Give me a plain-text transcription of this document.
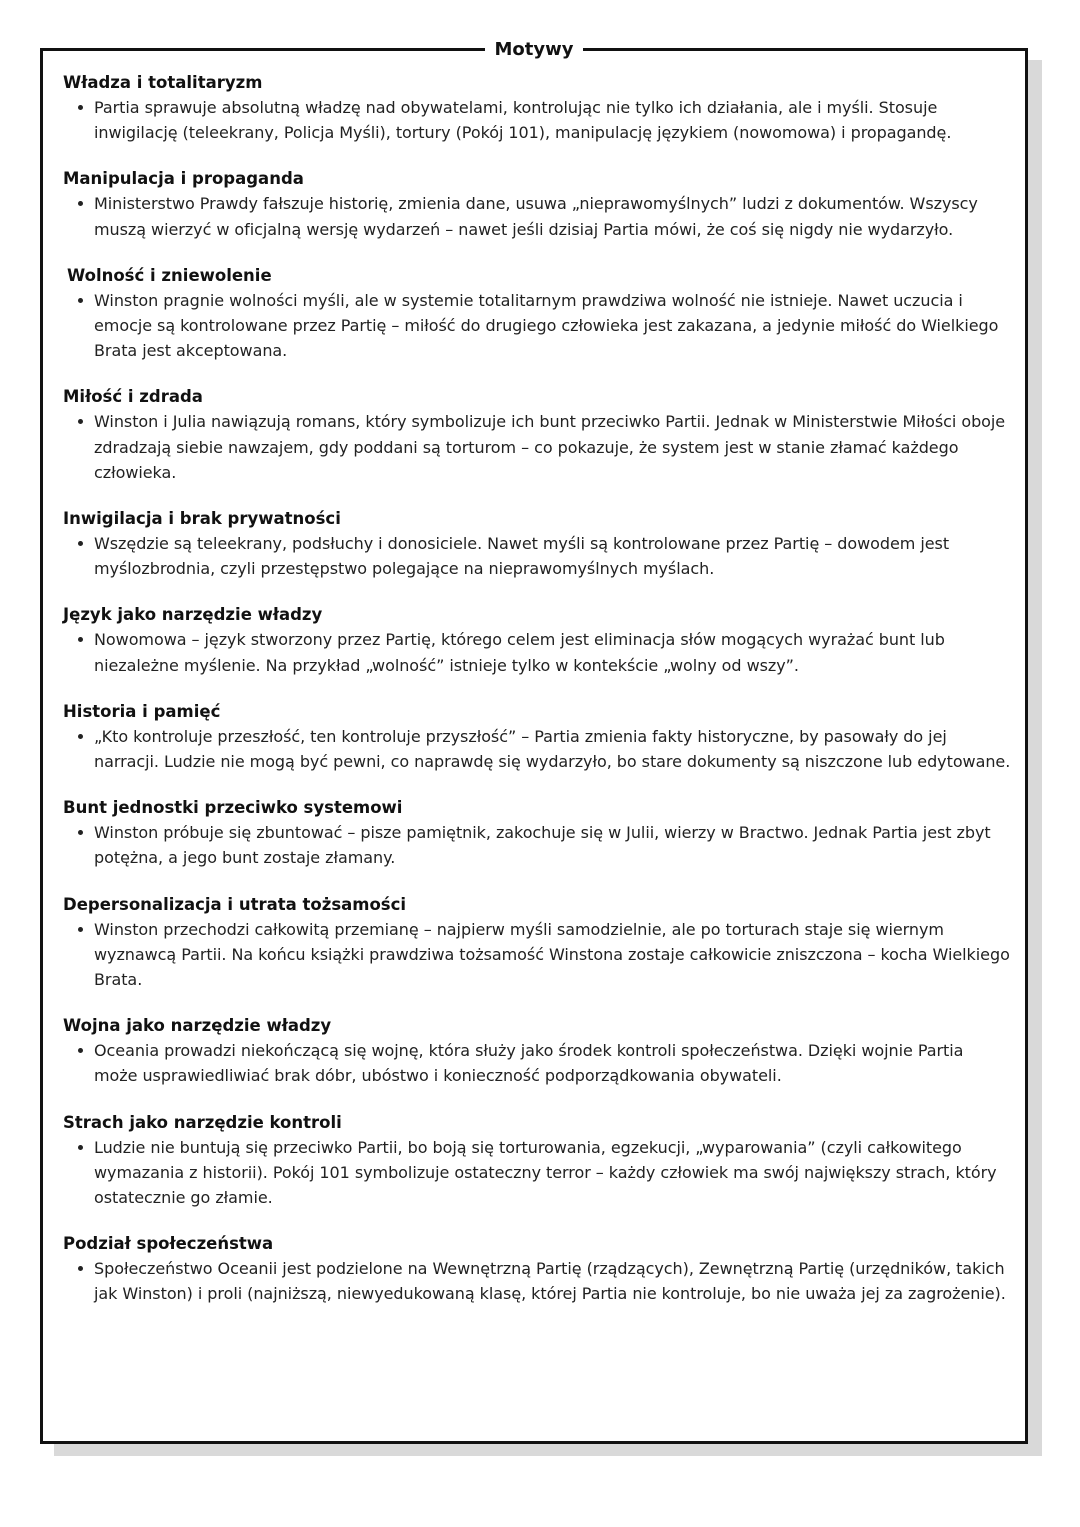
Motywy
Władza i totalitaryzm
Partia sprawuje absolutną władzę nad obywatelami, kontrolując nie tylko ich działania, ale i myśli. Stosuje inwigilację (teleekrany, Policja Myśli), tortury (Pokój 101), manipulację językiem (nowomowa) i propagandę.
Manipulacja i propaganda
Ministerstwo Prawdy fałszuje historię, zmienia dane, usuwa „nieprawomyślnych” ludzi z dokumentów. Wszyscy muszą wierzyć w oficjalną wersję wydarzeń – nawet jeśli dzisiaj Partia mówi, że coś się nigdy nie wydarzyło.
Wolność i zniewolenie
Winston pragnie wolności myśli, ale w systemie totalitarnym prawdziwa wolność nie istnieje. Nawet uczucia i emocje są kontrolowane przez Partię – miłość do drugiego człowieka jest zakazana, a jedynie miłość do Wielkiego Brata jest akceptowana.
Miłość i zdrada
Winston i Julia nawiązują romans, który symbolizuje ich bunt przeciwko Partii. Jednak w Ministerstwie Miłości oboje zdradzają siebie nawzajem, gdy poddani są torturom – co pokazuje, że system jest w stanie złamać każdego człowieka.
Inwigilacja i brak prywatności
Wszędzie są teleekrany, podsłuchy i donosiciele. Nawet myśli są kontrolowane przez Partię – dowodem jest myślozbrodnia, czyli przestępstwo polegające na nieprawomyślnych myślach.
Język jako narzędzie władzy
Nowomowa – język stworzony przez Partię, którego celem jest eliminacja słów mogących wyrażać bunt lub niezależne myślenie. Na przykład „wolność” istnieje tylko w kontekście „wolny od wszy”.
Historia i pamięć
„Kto kontroluje przeszłość, ten kontroluje przyszłość” – Partia zmienia fakty historyczne, by pasowały do jej narracji. Ludzie nie mogą być pewni, co naprawdę się wydarzyło, bo stare dokumenty są niszczone lub edytowane.
Bunt jednostki przeciwko systemowi
Winston próbuje się zbuntować – pisze pamiętnik, zakochuje się w Julii, wierzy w Bractwo. Jednak Partia jest zbyt potężna, a jego bunt zostaje złamany.
Depersonalizacja i utrata tożsamości
Winston przechodzi całkowitą przemianę – najpierw myśli samodzielnie, ale po torturach staje się wiernym wyznawcą Partii. Na końcu książki prawdziwa tożsamość Winstona zostaje całkowicie zniszczona – kocha Wielkiego Brata.
Wojna jako narzędzie władzy
Oceania prowadzi niekończącą się wojnę, która służy jako środek kontroli społeczeństwa. Dzięki wojnie Partia może usprawiedliwiać brak dóbr, ubóstwo i konieczność podporządkowania obywateli.
Strach jako narzędzie kontroli
Ludzie nie buntują się przeciwko Partii, bo boją się torturowania, egzekucji, „wyparowania” (czyli całkowitego wymazania z historii). Pokój 101 symbolizuje ostateczny terror – każdy człowiek ma swój największy strach, który ostatecznie go złamie.
Podział społeczeństwa
Społeczeństwo Oceanii jest podzielone na Wewnętrzną Partię (rządzących), Zewnętrzną Partię (urzędników, takich jak Winston) i proli (najniższą, niewyedukowaną klasę, której Partia nie kontroluje, bo nie uważa jej za zagrożenie).
